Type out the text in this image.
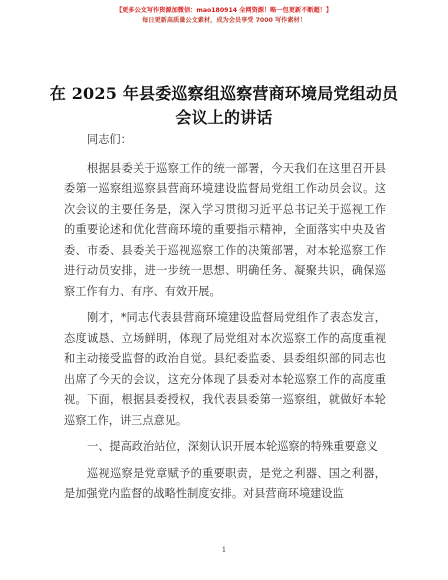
【更多公文写作资源加微信：mao180914 全网资源！略一包更新不断超！】
每日更新高质量公文素材，成为会员享受 7000 写作素材！
在 2025 年县委巡察组巡察营商环境局党组动员
会议上的讲话
同志们：

根据县委关于巡察工作的统一部署，今天我们在这里召开县委第一巡察组巡察县营商环境建设监督局党组工作动员会议。这次会议的主要任务是，深入学习贯彻习近平总书记关于巡视工作的重要论述和优化营商环境的重要指示精神，全面落实中央及省委、市委、县委关于巡视巡察工作的决策部署，对本轮巡察工作进行动员安排，进一步统一思想、明确任务、凝聚共识，确保巡察工作有力、有序、有效开展。

刚才，*同志代表县营商环境建设监督局党组作了表态发言，态度诚恳、立场鲜明，体现了局党组对本次巡察工作的高度重视和主动接受监督的政治自觉。县纪委监委、县委组织部的同志也出席了今天的会议，这充分体现了县委对本轮巡察工作的高度重视。下面，根据县委授权，我代表县委第一巡察组，就做好本轮巡察工作，讲三点意见。

一、提高政治站位，深刻认识开展本轮巡察的特殊重要意义

巡视巡察是党章赋予的重要职责，是党之利器、国之利器，是加强党内监督的战略性制度安排。对县营商环境建设监

1
